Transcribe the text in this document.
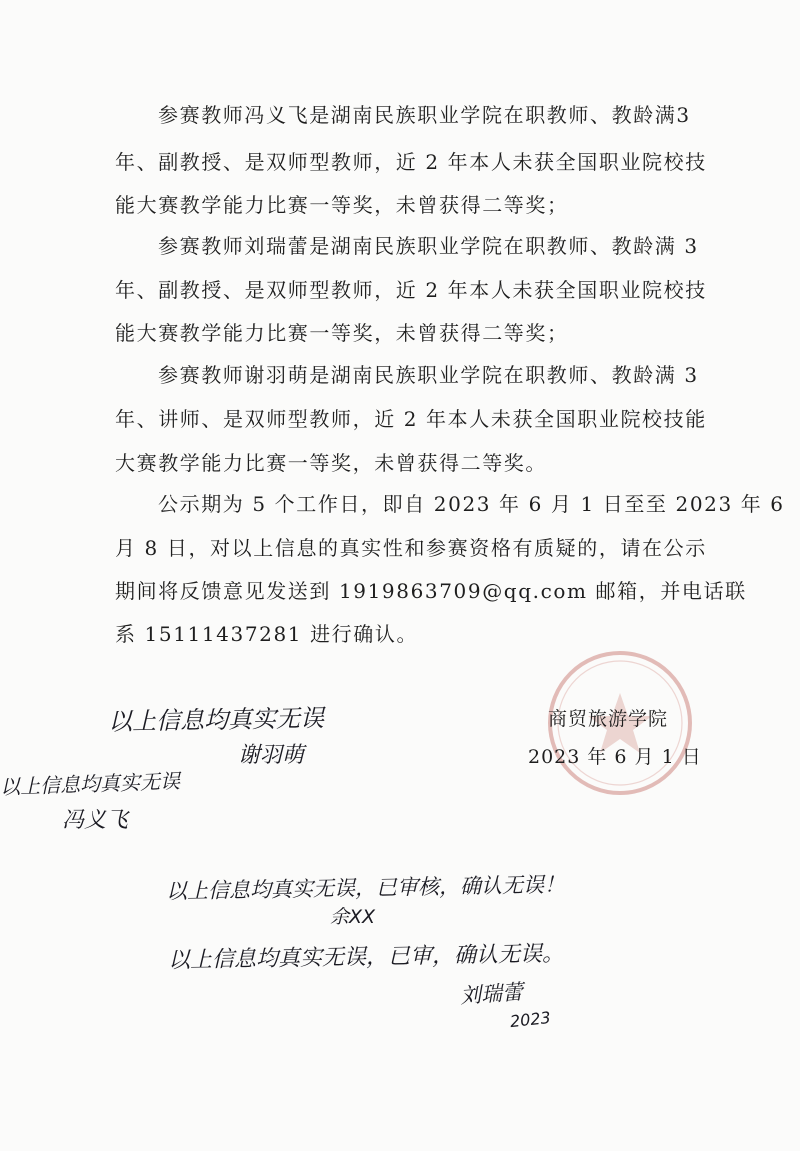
参赛教师冯义飞是湖南民族职业学院在职教师、教龄满3
年、副教授、是双师型教师，近 2 年本人未获全国职业院校技
能大赛教学能力比赛一等奖，未曾获得二等奖；
参赛教师刘瑞蕾是湖南民族职业学院在职教师、教龄满 3
年、副教授、是双师型教师，近 2 年本人未获全国职业院校技
能大赛教学能力比赛一等奖，未曾获得二等奖；
参赛教师谢羽萌是湖南民族职业学院在职教师、教龄满 3
年、讲师、是双师型教师，近 2 年本人未获全国职业院校技能
大赛教学能力比赛一等奖，未曾获得二等奖。
公示期为 5 个工作日，即自 2023 年 6 月 1 日至至 2023 年 6
月 8 日，对以上信息的真实性和参赛资格有质疑的，请在公示
期间将反馈意见发送到 1919863709@qq.com 邮箱，并电话联
系 15111437281 进行确认。
商贸旅游学院
2023 年 6 月 1 日
以上信息均真实无误
谢羽萌
以上信息均真实无误
冯义飞
以上信息均真实无误，已审核，确认无误！
余XX
以上信息均真实无误，已审，确认无误。
刘瑞蕾
2023
